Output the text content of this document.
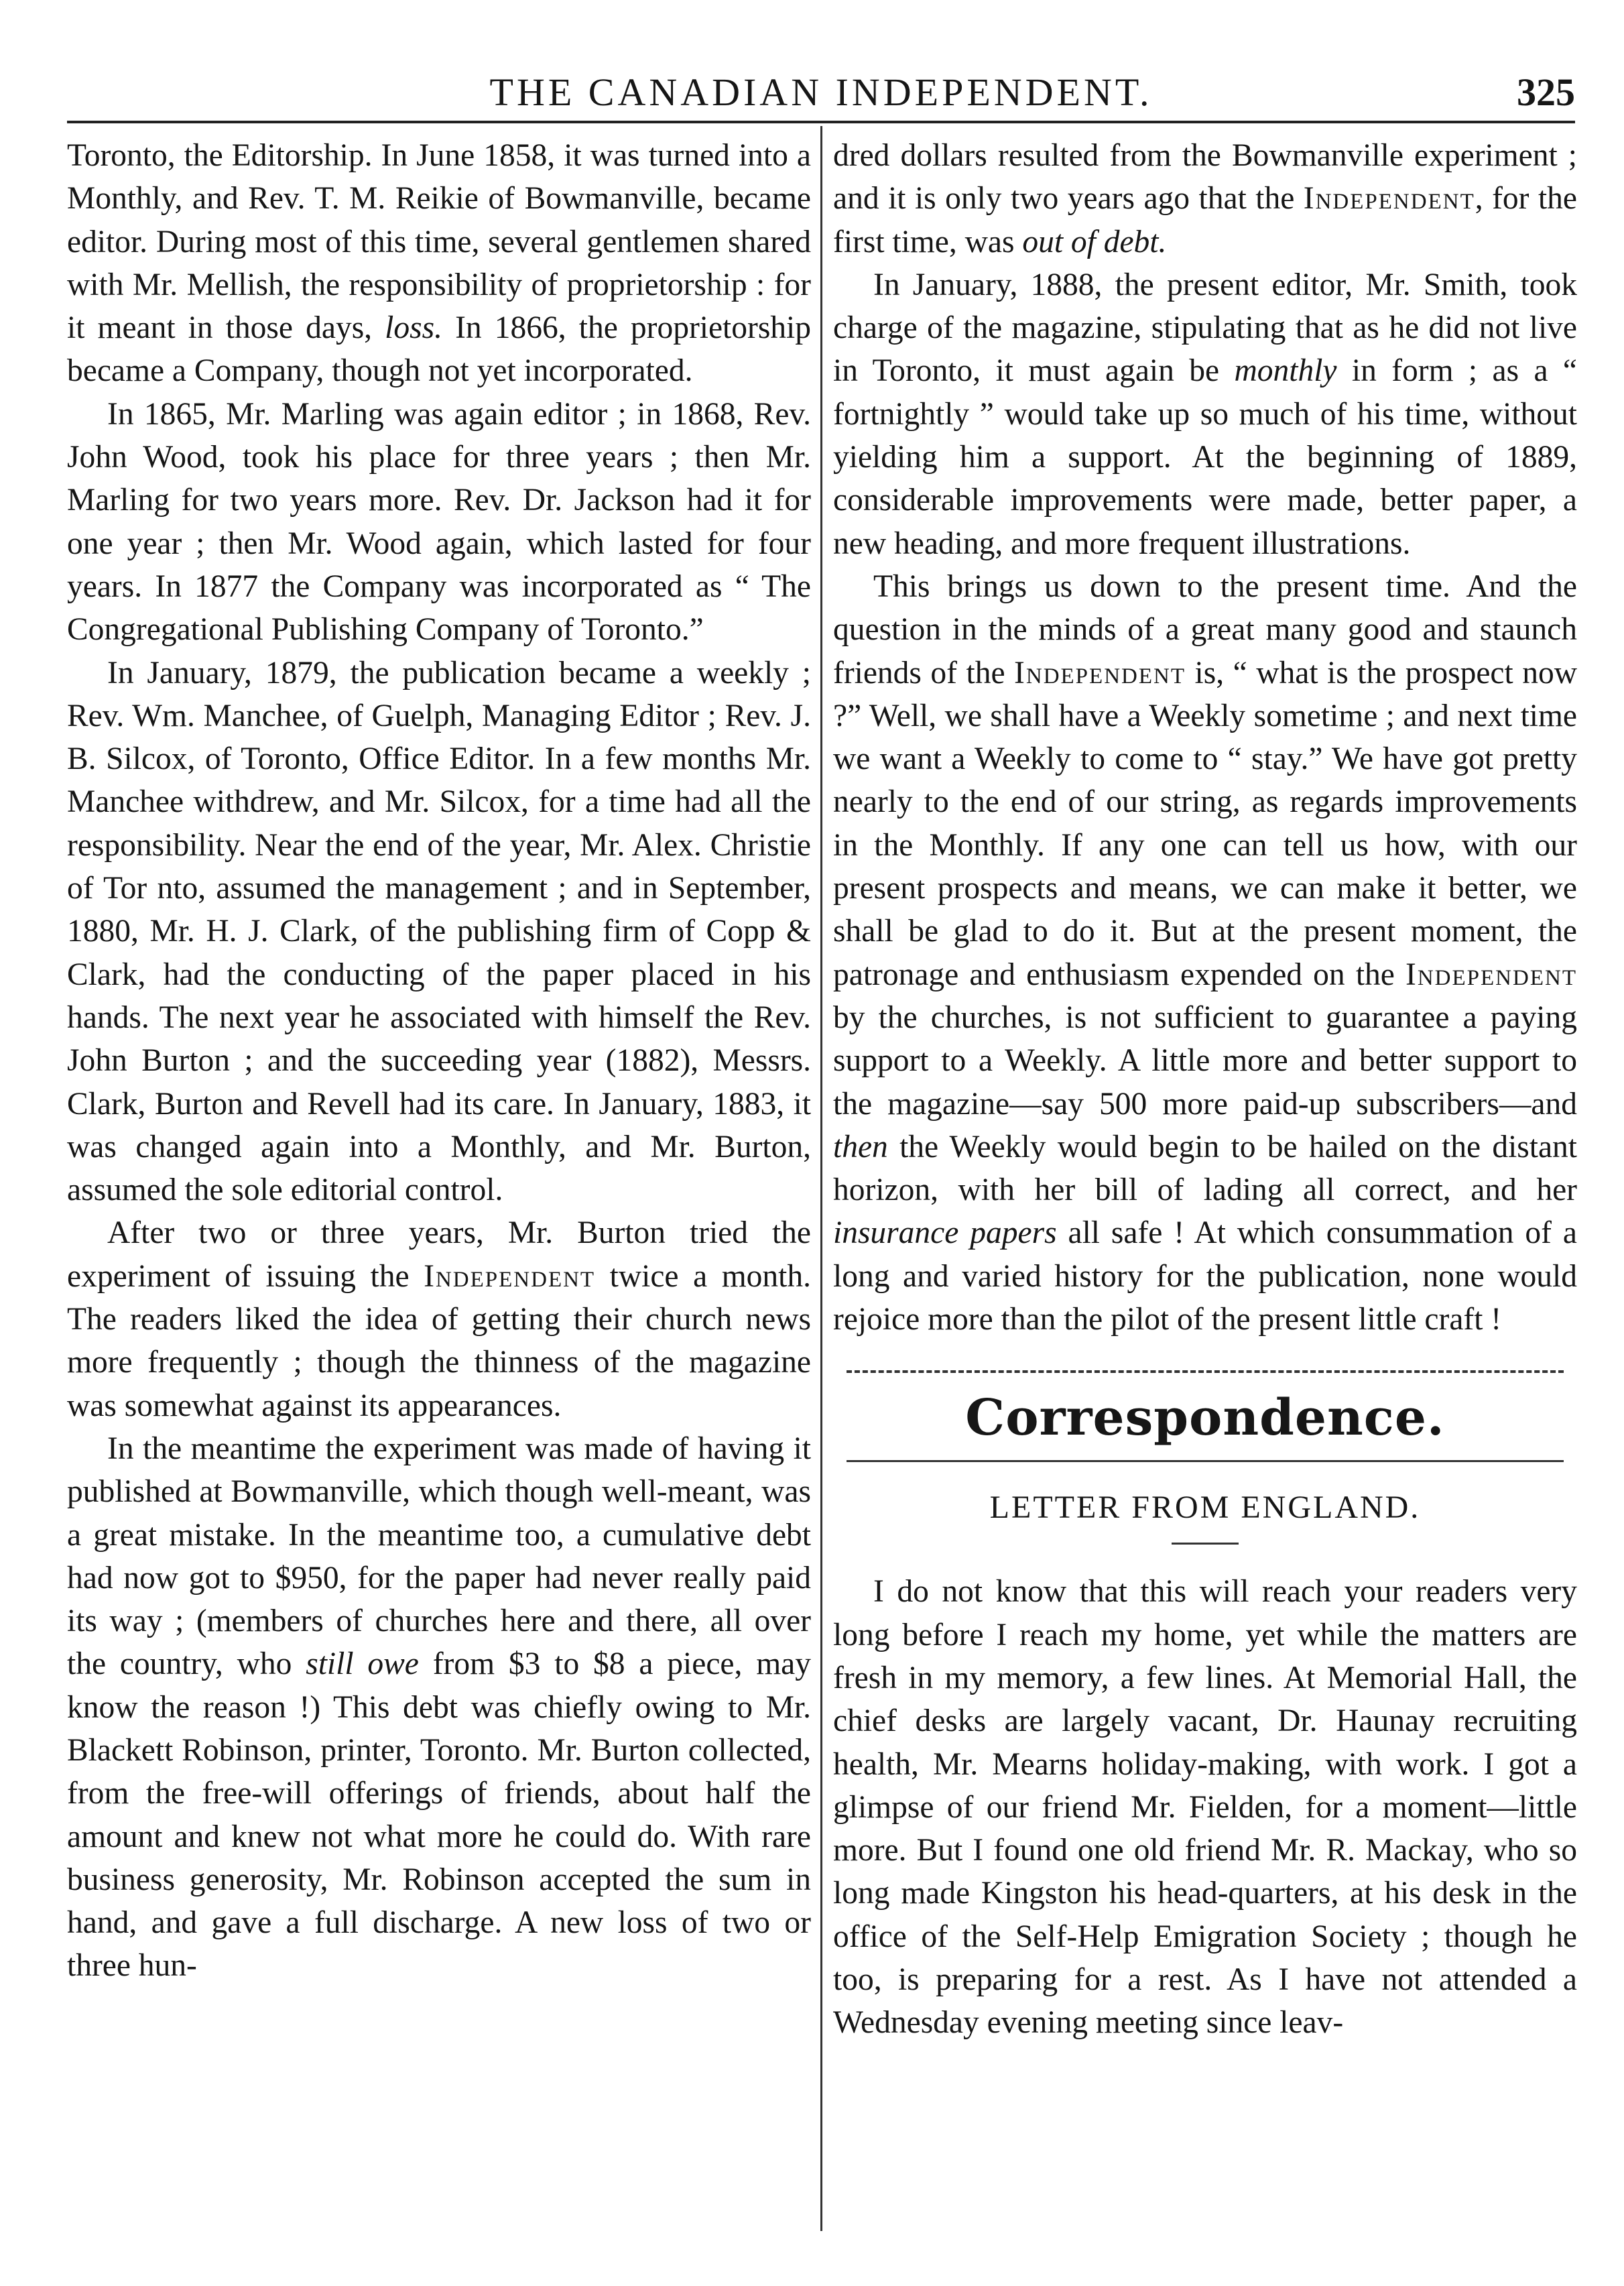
THE CANADIAN INDEPENDENT.	325

Toronto, the Editorship. In June 1858, it was turned into a Monthly, and Rev. T. M. Reikie of Bowmanville, became editor. During most of this time, several gentlemen shared with Mr. Mellish, the responsibility of proprietorship : for it meant in those days, loss. In 1866, the proprietorship became a Company, though not yet incorporated.

In 1865, Mr. Marling was again editor ; in 1868, Rev. John Wood, took his place for three years ; then Mr. Marling for two years more. Rev. Dr. Jackson had it for one year ; then Mr. Wood again, which lasted for four years. In 1877 the Company was incorporated as “ The Congregational Publishing Company of Toronto.”

In January, 1879, the publication became a weekly ; Rev. Wm. Manchee, of Guelph, Managing Editor ; Rev. J. B. Silcox, of Toronto, Office Editor. In a few months Mr. Manchee withdrew, and Mr. Silcox, for a time had all the responsibility. Near the end of the year, Mr. Alex. Christie of Tor nto, assumed the management ; and in September, 1880, Mr. H. J. Clark, of the publishing firm of Copp & Clark, had the conducting of the paper placed in his hands. The next year he associated with himself the Rev. John Burton ; and the succeeding year (1882), Messrs. Clark, Burton and Revell had its care. In January, 1883, it was changed again into a Monthly, and Mr. Burton, assumed the sole editorial control.

After two or three years, Mr. Burton tried the experiment of issuing the Independent twice a month. The readers liked the idea of getting their church news more frequently ; though the thinness of the magazine was somewhat against its appearances.

In the meantime the experiment was made of having it published at Bowmanville, which though well-meant, was a great mistake. In the meantime too, a cumulative debt had now got to $950, for the paper had never really paid its way ; (members of churches here and there, all over the country, who still owe from $3 to $8 a piece, may know the reason !) This debt was chiefly owing to Mr. Blackett Robinson, printer, Toronto. Mr. Burton collected, from the free-will offerings of friends, about half the amount and knew not what more he could do. With rare business generosity, Mr. Robinson accepted the sum in hand, and gave a full discharge. A new loss of two or three hun-

dred dollars resulted from the Bowmanville experiment ; and it is only two years ago that the Independent, for the first time, was out of debt.

In January, 1888, the present editor, Mr. Smith, took charge of the magazine, stipulating that as he did not live in Toronto, it must again be monthly in form ; as a “ fortnightly ” would take up so much of his time, without yielding him a support. At the beginning of 1889, considerable improvements were made, better paper, a new heading, and more frequent illustrations.

This brings us down to the present time. And the question in the minds of a great many good and staunch friends of the Independent is, “ what is the prospect now ?” Well, we shall have a Weekly sometime ; and next time we want a Weekly to come to “ stay.” We have got pretty nearly to the end of our string, as regards improvements in the Monthly. If any one can tell us how, with our present prospects and means, we can make it better, we shall be glad to do it. But at the present moment, the patronage and enthusiasm expended on the Independent by the churches, is not sufficient to guarantee a paying support to a Weekly. A little more and better support to the magazine—say 500 more paid-up subscribers—and then the Weekly would begin to be hailed on the distant horizon, with her bill of lading all correct, and her insurance papers all safe ! At which consummation of a long and varied history for the publication, none would rejoice more than the pilot of the present little craft !

Correspondence.
LETTER FROM ENGLAND.

I do not know that this will reach your readers very long before I reach my home, yet while the matters are fresh in my memory, a few lines. At Memorial Hall, the chief desks are largely vacant, Dr. Haunay recruiting health, Mr. Mearns holiday-making, with work. I got a glimpse of our friend Mr. Fielden, for a moment—little more. But I found one old friend Mr. R. Mackay, who so long made Kingston his head-quarters, at his desk in the office of the Self-Help Emigration Society ; though he too, is preparing for a rest. As I have not attended a Wednesday evening meeting since leav-
